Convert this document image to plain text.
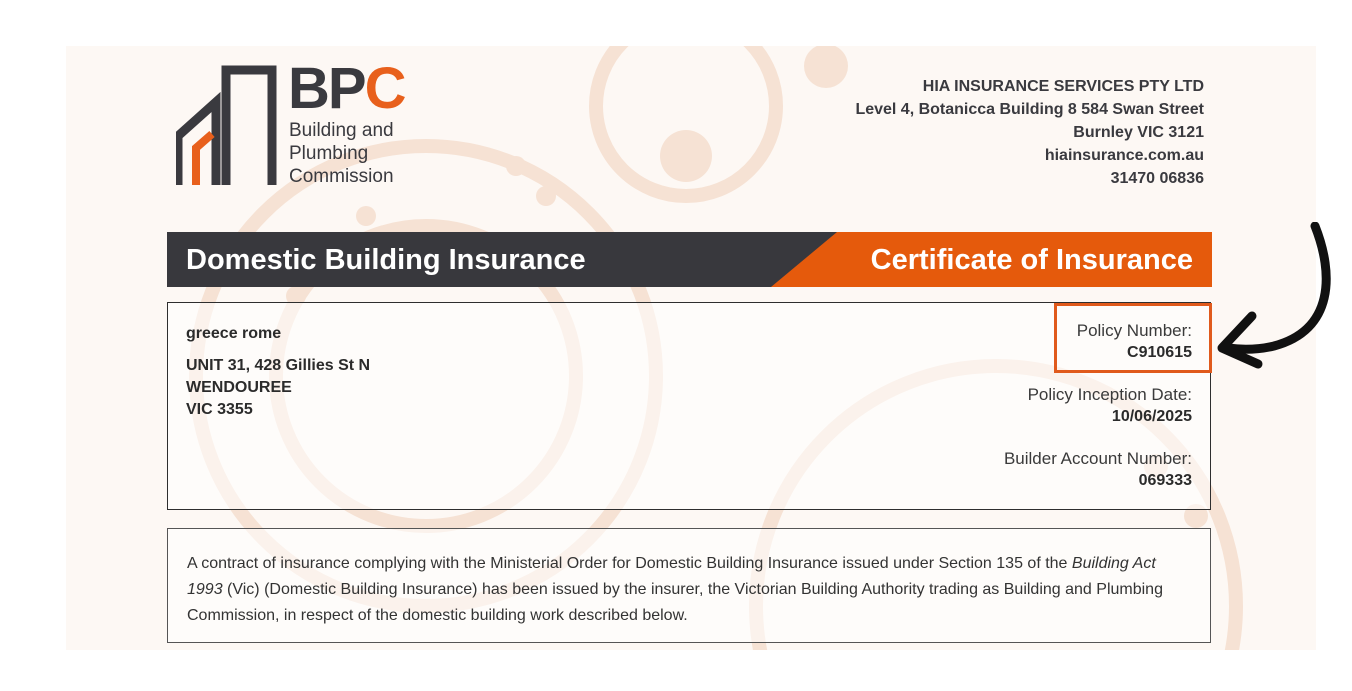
BPC
Building and
Plumbing
Commission
HIA INSURANCE SERVICES PTY LTD
Level 4, Botanicca Building 8 584 Swan Street
Burnley VIC 3121
hiainsurance.com.au
31470 06836
Domestic Building Insurance	Certificate of Insurance
greece rome
UNIT 31, 428 Gillies St N
WENDOUREE
VIC 3355
Policy Number:
C910615
Policy Inception Date:
10/06/2025
Builder Account Number:
069333
A contract of insurance complying with the Ministerial Order for Domestic Building Insurance issued under Section 135 of the Building Act 1993 (Vic) (Domestic Building Insurance) has been issued by the insurer, the Victorian Building Authority trading as Building and Plumbing Commission, in respect of the domestic building work described below.
